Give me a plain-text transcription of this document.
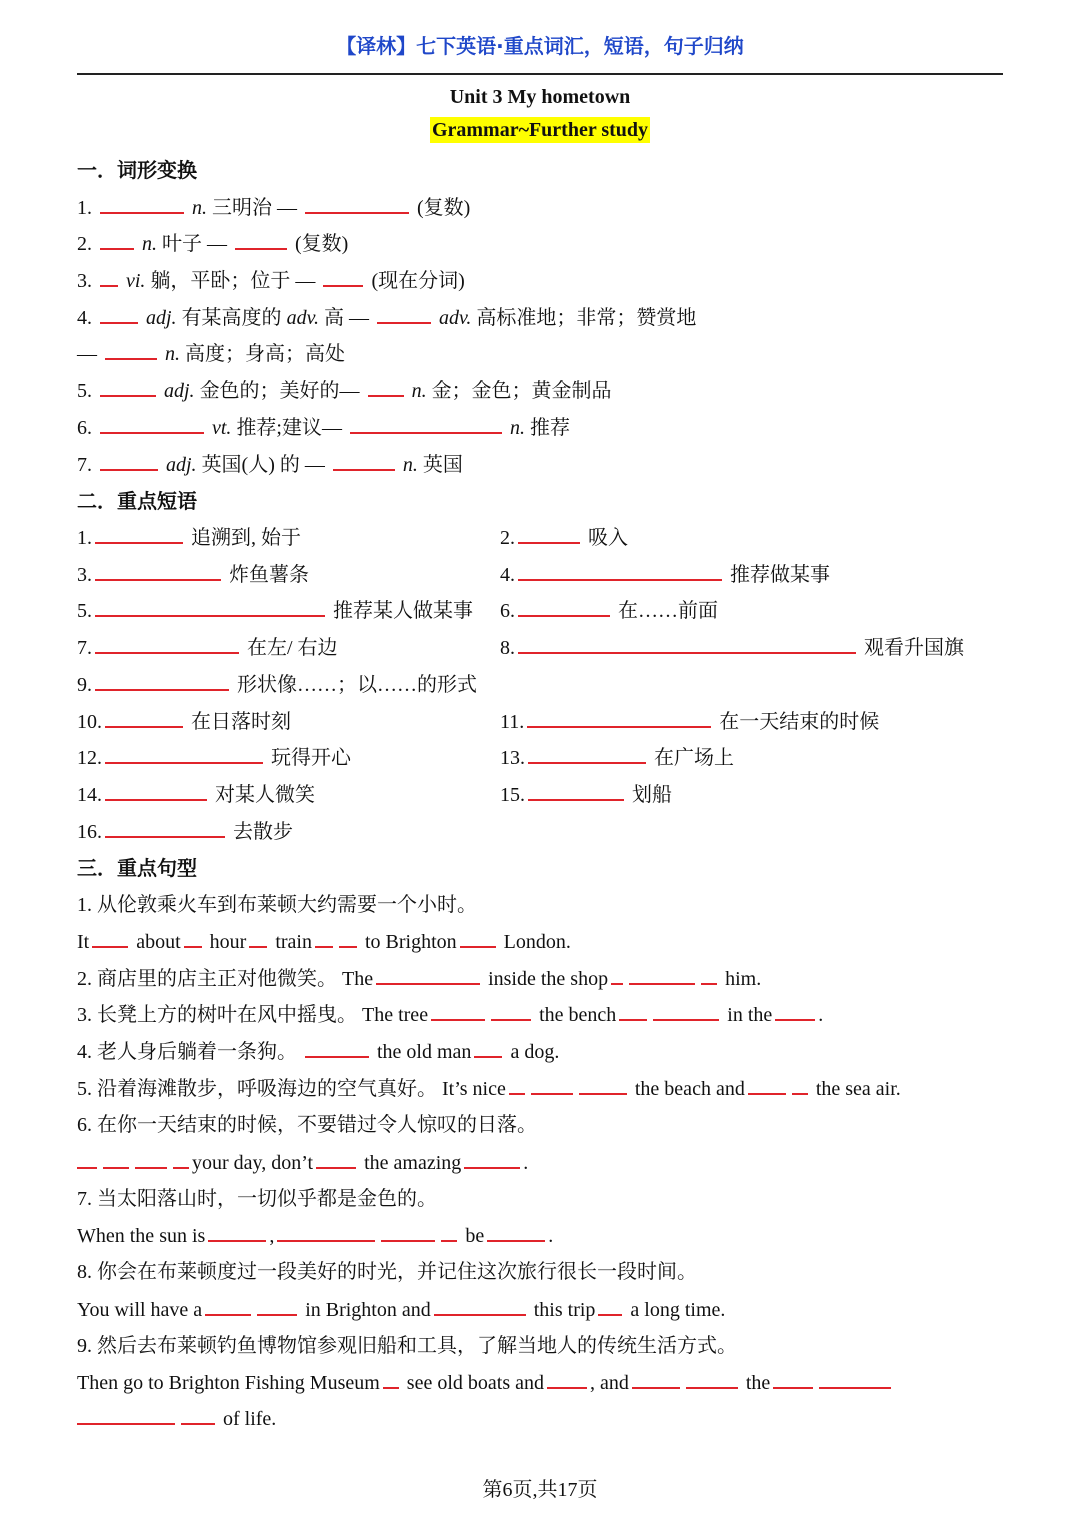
【译林】七下英语·重点词汇，短语，句子归纳
Unit 3 My hometown
Grammar~Further study
一．词形变换
1.	n. 三明治 —	(复数)
2.	n. 叶子 —	(复数)
3. vi. 躺，平卧；位于 —	(现在分词)
4.	adj. 有某高度的 adv. 高 —	adv. 高标准地；非常；赞赏地
—	n. 高度；身高；高处
5.	adj. 金色的；美好的—	n. 金；金色；黄金制品
6.	vt. 推荐;建议—	n. 推荐
7.	adj. 英国(人) 的 —	n. 英国
二．重点短语
1.	追溯到, 始于	2.	吸入
3.	炸鱼薯条	4.	推荐做某事
5.	推荐某人做某事 6.	在……前面
7.	在左/ 右边	8.	观看升国旗
9.	形状像……；以……的形式
10.	在日落时刻	11.	在一天结束的时候
12.	玩得开心	13.	在广场上
14.	对某人微笑	15.	划船
16.	去散步
三．重点句型
1. 从伦敦乘火车到布莱顿大约需要一个小时。
It about hour train	to Brighton London.
2. 商店里的店主正对他微笑。 The	inside the shop	him.
3. 长凳上方的树叶在风中摇曳。 The tree	the bench	in the .
4. 老人身后躺着一条狗。	the old man a dog.
5. 沿着海滩散步，呼吸海边的空气真好。 It’s nice	the beach and	the sea air.
6. 在你一天结束的时候，不要错过令人惊叹的日落。
your day, don’t	the amazing	.
7. 当太阳落山时，一切似乎都是金色的。
When the sun is	,	be	.
8. 你会在布莱顿度过一段美好的时光，并记住这次旅行很长一段时间。
You will have a	in Brighton and	this trip a long time.
9. 然后去布莱顿钓鱼博物馆参观旧船和工具，了解当地人的传统生活方式。
Then go to Brighton Fishing Museum see old boats and , and	the
of life.
第6页,共17页
